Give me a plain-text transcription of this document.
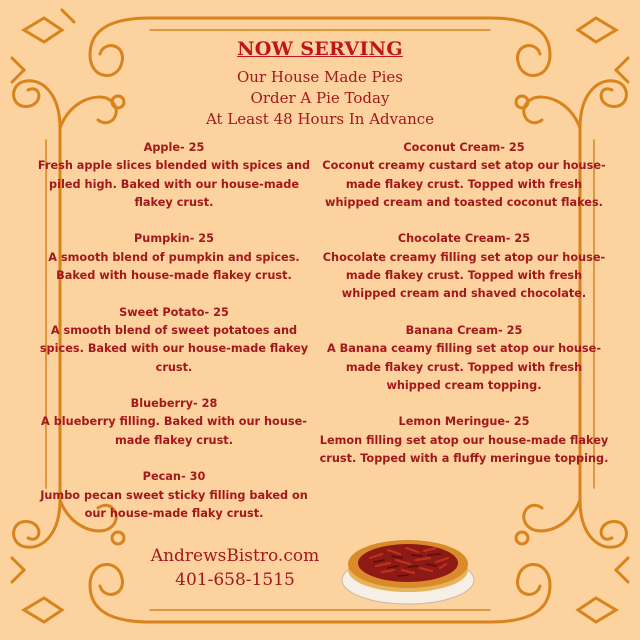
NOW SERVING
Our House Made Pies
Order A Pie Today
At Least 48 Hours In Advance
Apple- 25

Fresh apple slices blended with spices and piled high. Baked with our house-made flakey crust.

Pumpkin- 25

A smooth blend of pumpkin and spices. Baked with house-made flakey crust.

Sweet Potato- 25

A smooth blend of sweet potatoes and spices. Baked with our house-made flakey crust.

Blueberry- 28

A blueberry filling. Baked with our house-made flakey crust.

Pecan- 30

Jumbo pecan sweet sticky filling baked on our house-made flaky crust.

Coconut Cream- 25

Coconut creamy custard set atop our house-made flakey crust. Topped with fresh whipped cream and toasted coconut flakes.

Chocolate Cream- 25

Chocolate creamy filling set atop our house-made flakey crust. Topped with fresh whipped cream and shaved chocolate.

Banana Cream- 25

A Banana ceamy filling set atop our house-made flakey crust. Topped with fresh whipped cream topping.

Lemon Meringue- 25

Lemon filling set atop our house-made flakey crust. Topped with a fluffy meringue topping.

AndrewsBistro.com
401-658-1515
